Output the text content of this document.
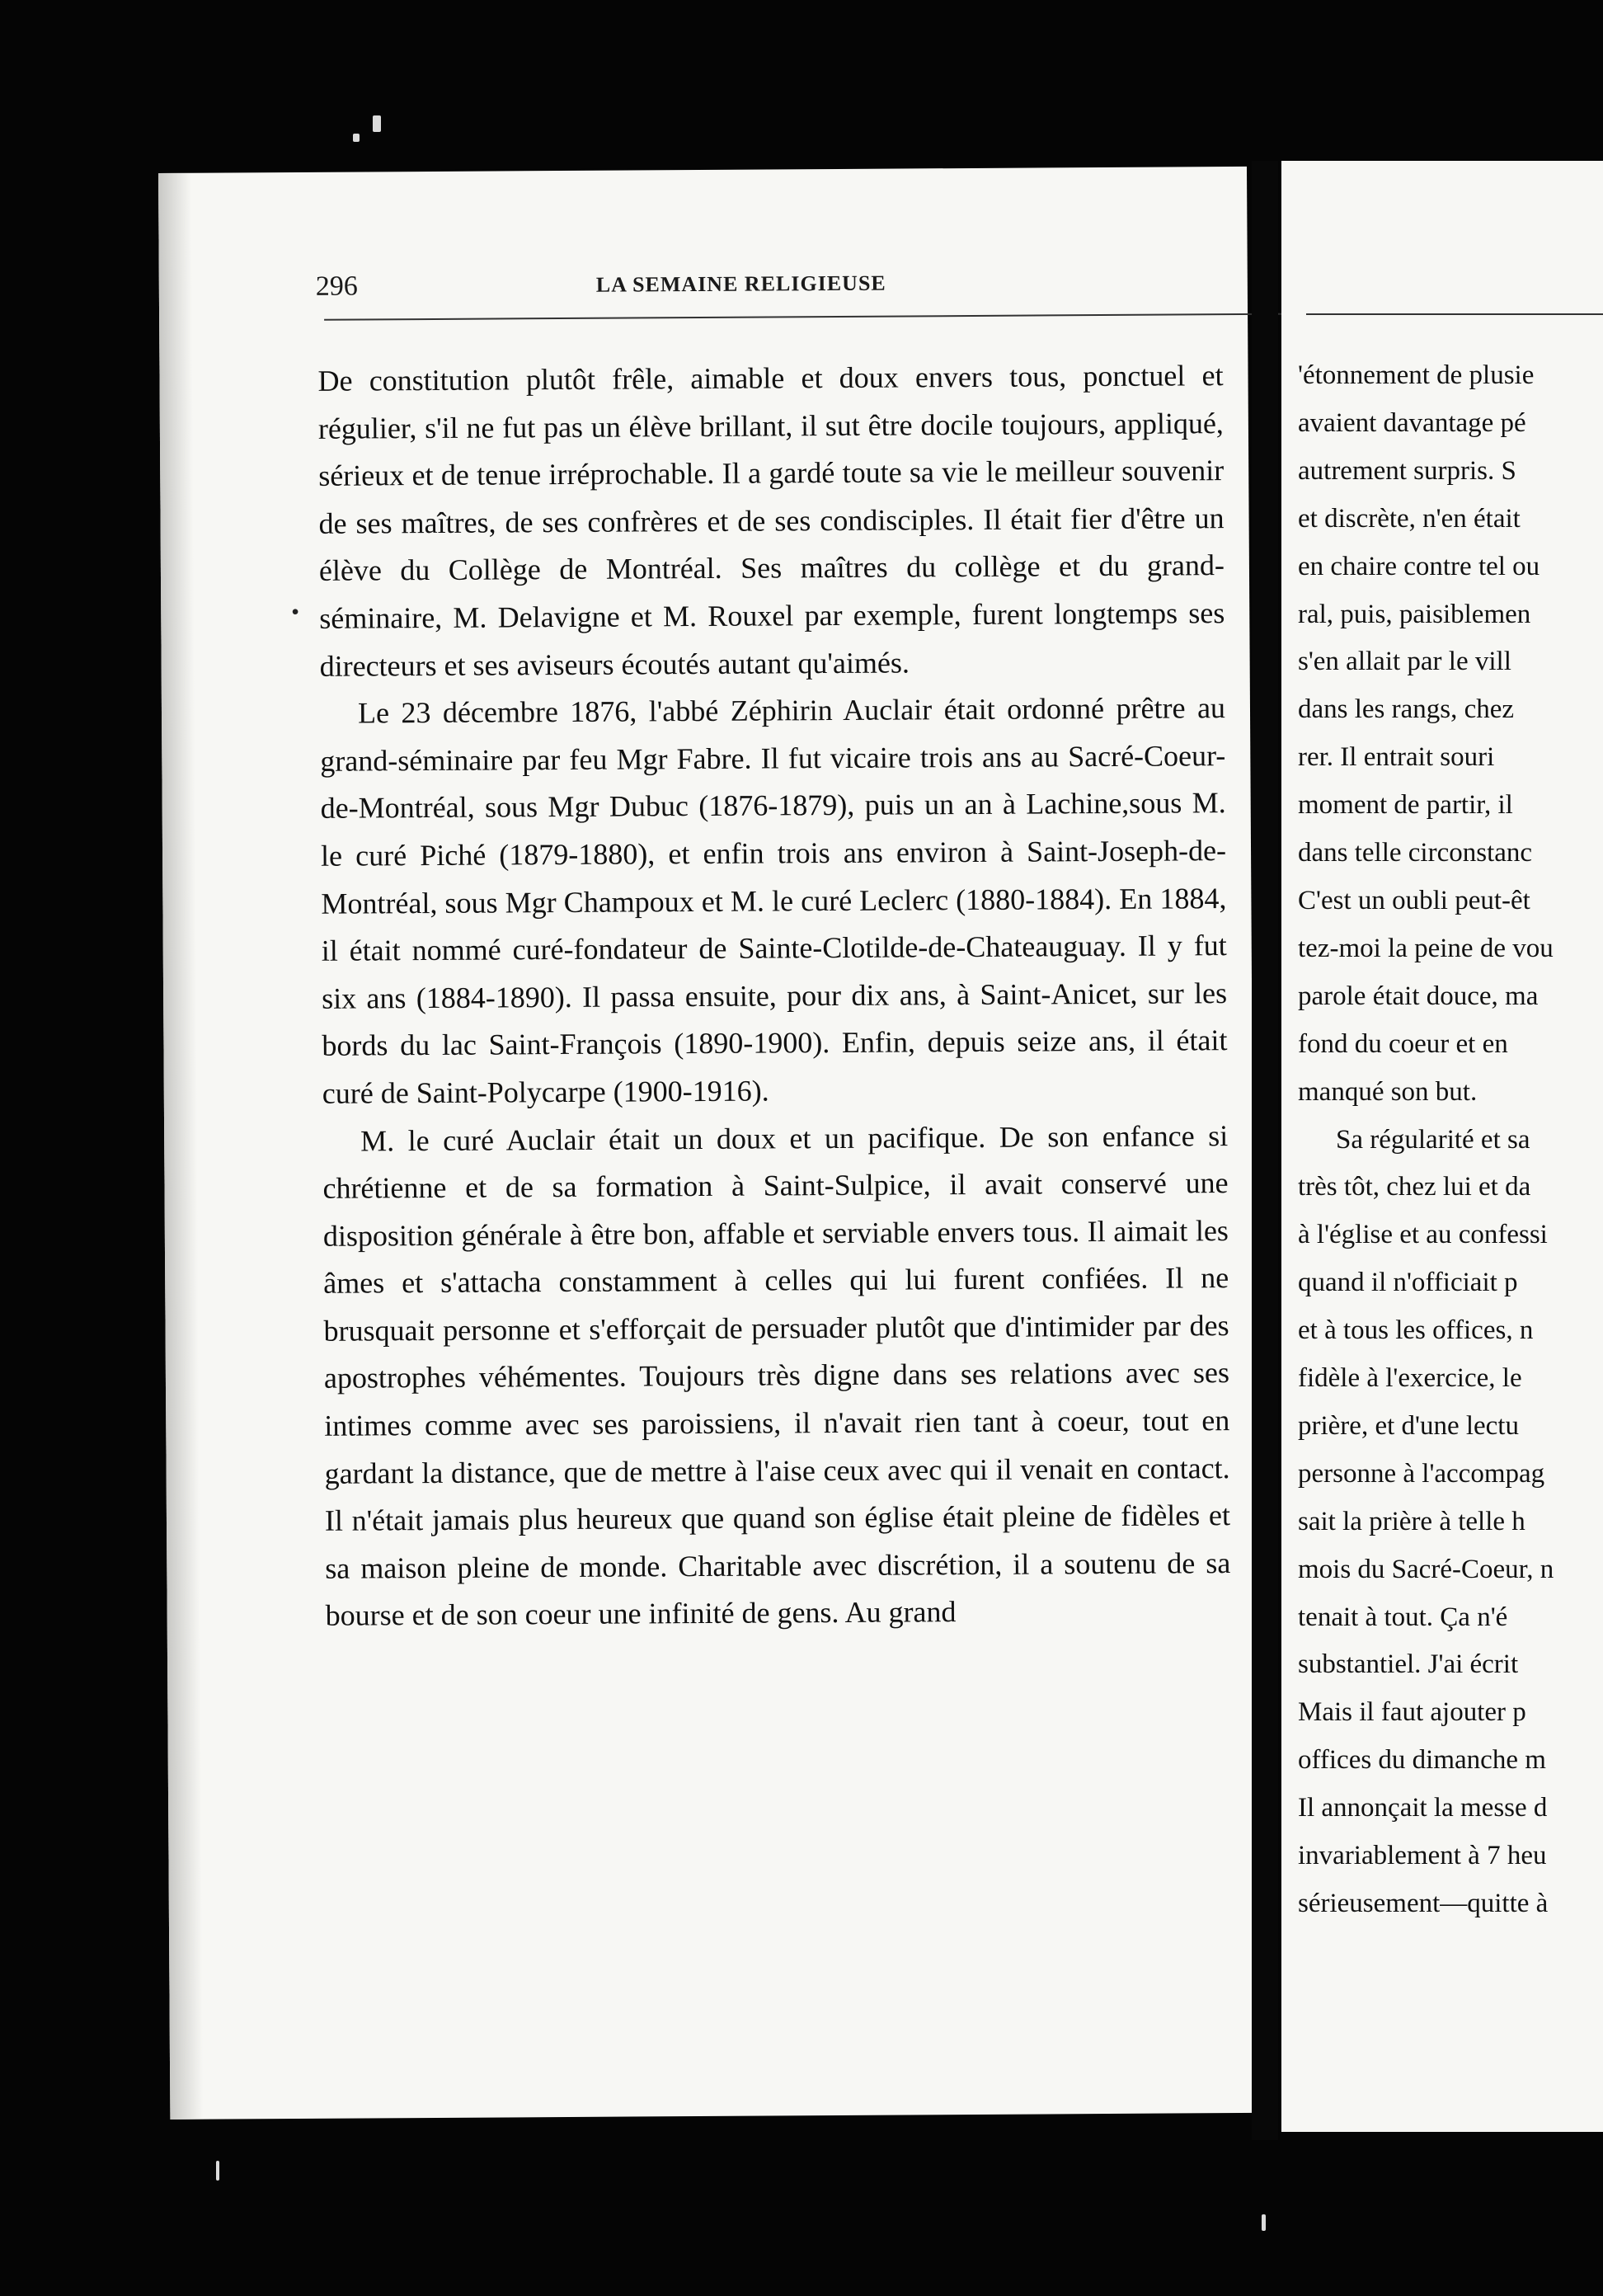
296	LA SEMAINE RELIGIEUSE
•

De constitution plutôt frêle, aimable et doux envers tous, ponctuel et régulier, s'il ne fut pas un élève brillant, il sut être docile toujours, appliqué, sérieux et de tenue irréprochable. Il a gardé toute sa vie le meilleur souvenir de ses maîtres, de ses confrères et de ses condisciples. Il était fier d'être un élève du Collège de Montréal. Ses maîtres du collège et du grand-séminaire, M. Delavigne et M. Rouxel par exemple, furent longtemps ses directeurs et ses aviseurs écoutés autant qu'aimés.

Le 23 décembre 1876, l'abbé Zéphirin Auclair était ordonné prêtre au grand-séminaire par feu Mgr Fabre. Il fut vicaire trois ans au Sacré-Coeur-de-Montréal, sous Mgr Dubuc (1876-1879), puis un an à Lachine,sous M. le curé Piché (1879-1880), et enfin trois ans environ à Saint-Joseph-de-Montréal, sous Mgr Champoux et M. le curé Leclerc (1880-1884). En 1884, il était nommé curé-fondateur de Sainte-Clotilde-de-Chateauguay. Il y fut six ans (1884-1890). Il passa ensuite, pour dix ans, à Saint-Anicet, sur les bords du lac Saint-François (1890-1900). Enfin, depuis seize ans, il était curé de Saint-Polycarpe (1900-1916).

M. le curé Auclair était un doux et un pacifique. De son enfance si chrétienne et de sa formation à Saint-Sulpice, il avait conservé une disposition générale à être bon, affable et serviable envers tous. Il aimait les âmes et s'attacha constamment à celles qui lui furent confiées. Il ne brusquait personne et s'efforçait de persuader plutôt que d'intimider par des apostrophes véhémentes. Toujours très digne dans ses relations avec ses intimes comme avec ses paroissiens, il n'avait rien tant à coeur, tout en gardant la distance, que de mettre à l'aise ceux avec qui il venait en contact. Il n'était jamais plus heureux que quand son église était pleine de fidèles et sa maison pleine de monde. Charitable avec discrétion, il a soutenu de sa bourse et de son coeur une infinité de gens. Au grand

'étonnement de plusie
avaient davantage pé
autrement surpris. S
et discrète, n'en était
en chaire contre tel ou
ral, puis, paisiblemen
s'en allait par le vill
dans les rangs, chez
rer. Il entrait souri
moment de partir, il
dans telle circonstanc
C'est un oubli peut-êt
tez-moi la peine de vou
parole était douce, ma
fond du coeur et en
manqué son but.
Sa régularité et sa
très tôt, chez lui et da
à l'église et au confessi
quand il n'officiait p
et à tous les offices, n
fidèle à l'exercice, le
prière, et d'une lectu
personne à l'accompag
sait la prière à telle h
mois du Sacré-Coeur, n
tenait à tout. Ça n'é
substantiel. J'ai écrit
Mais il faut ajouter p
offices du dimanche m
Il annonçait la messe d
invariablement à 7 heu
sérieusement—quitte à
